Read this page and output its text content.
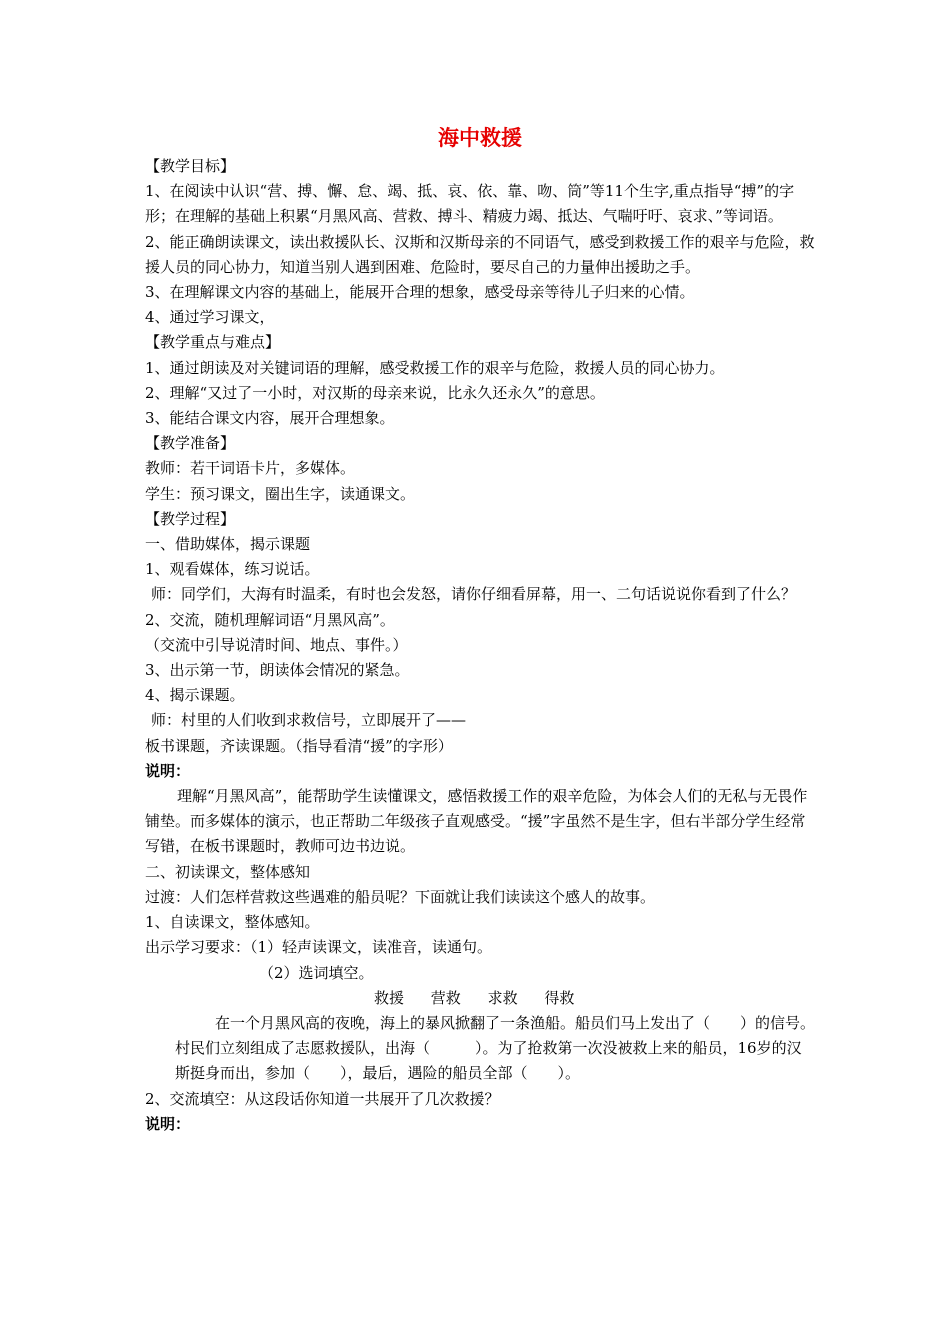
海中救援
【教学目标】
1、在阅读中认识“营、搏、懈、怠、竭、抵、哀、依、靠、吻、筒”等11个生字,重点指导“搏”的字形；在理解的基础上积累“月黑风高、营救、搏斗、精疲力竭、抵达、气喘吁吁、哀求、”等词语。
2、能正确朗读课文，读出救援队长、汉斯和汉斯母亲的不同语气，感受到救援工作的艰辛与危险，救援人员的同心协力，知道当别人遇到困难、危险时，要尽自己的力量伸出援助之手。
3、在理解课文内容的基础上，能展开合理的想象，感受母亲等待儿子归来的心情。
4、通过学习课文，
【教学重点与难点】
1、通过朗读及对关键词语的理解，感受救援工作的艰辛与危险，救援人员的同心协力。
2、理解“又过了一小时，对汉斯的母亲来说，比永久还永久”的意思。
3、能结合课文内容，展开合理想象。
【教学准备】
教师：若干词语卡片，多媒体。
学生：预习课文，圈出生字，读通课文。
【教学过程】
一、借助媒体，揭示课题
1、观看媒体，练习说话。
师：同学们，大海有时温柔，有时也会发怒，请你仔细看屏幕，用一、二句话说说你看到了什么？
2、交流，随机理解词语“月黑风高”。
（交流中引导说清时间、地点、事件。）
3、出示第一节，朗读体会情况的紧急。
4、揭示课题。
师：村里的人们收到求救信号，立即展开了——
板书课题，齐读课题。（指导看清“援”的字形）
说明：
理解“月黑风高”，能帮助学生读懂课文，感悟救援工作的艰辛危险，为体会人们的无私与无畏作铺垫。而多媒体的演示，也正帮助二年级孩子直观感受。“援”字虽然不是生字，但右半部分学生经常写错，在板书课题时，教师可边书边说。
二、初读课文，整体感知
过渡：人们怎样营救这些遇难的船员呢？下面就让我们读读这个感人的故事。
1、自读课文，整体感知。
出示学习要求：（1）轻声读课文，读准音，读通句。
（2）选词填空。
救援 营救 求救 得救
在一个月黑风高的夜晚，海上的暴风掀翻了一条渔船。船员们马上发出了（　　）的信号。村民们立刻组成了志愿救援队，出海（　　　）。为了抢救第一次没被救上来的船员，16岁的汉斯挺身而出，参加（　　），最后，遇险的船员全部（　　）。
2、交流填空：从这段话你知道一共展开了几次救援？
说明：
